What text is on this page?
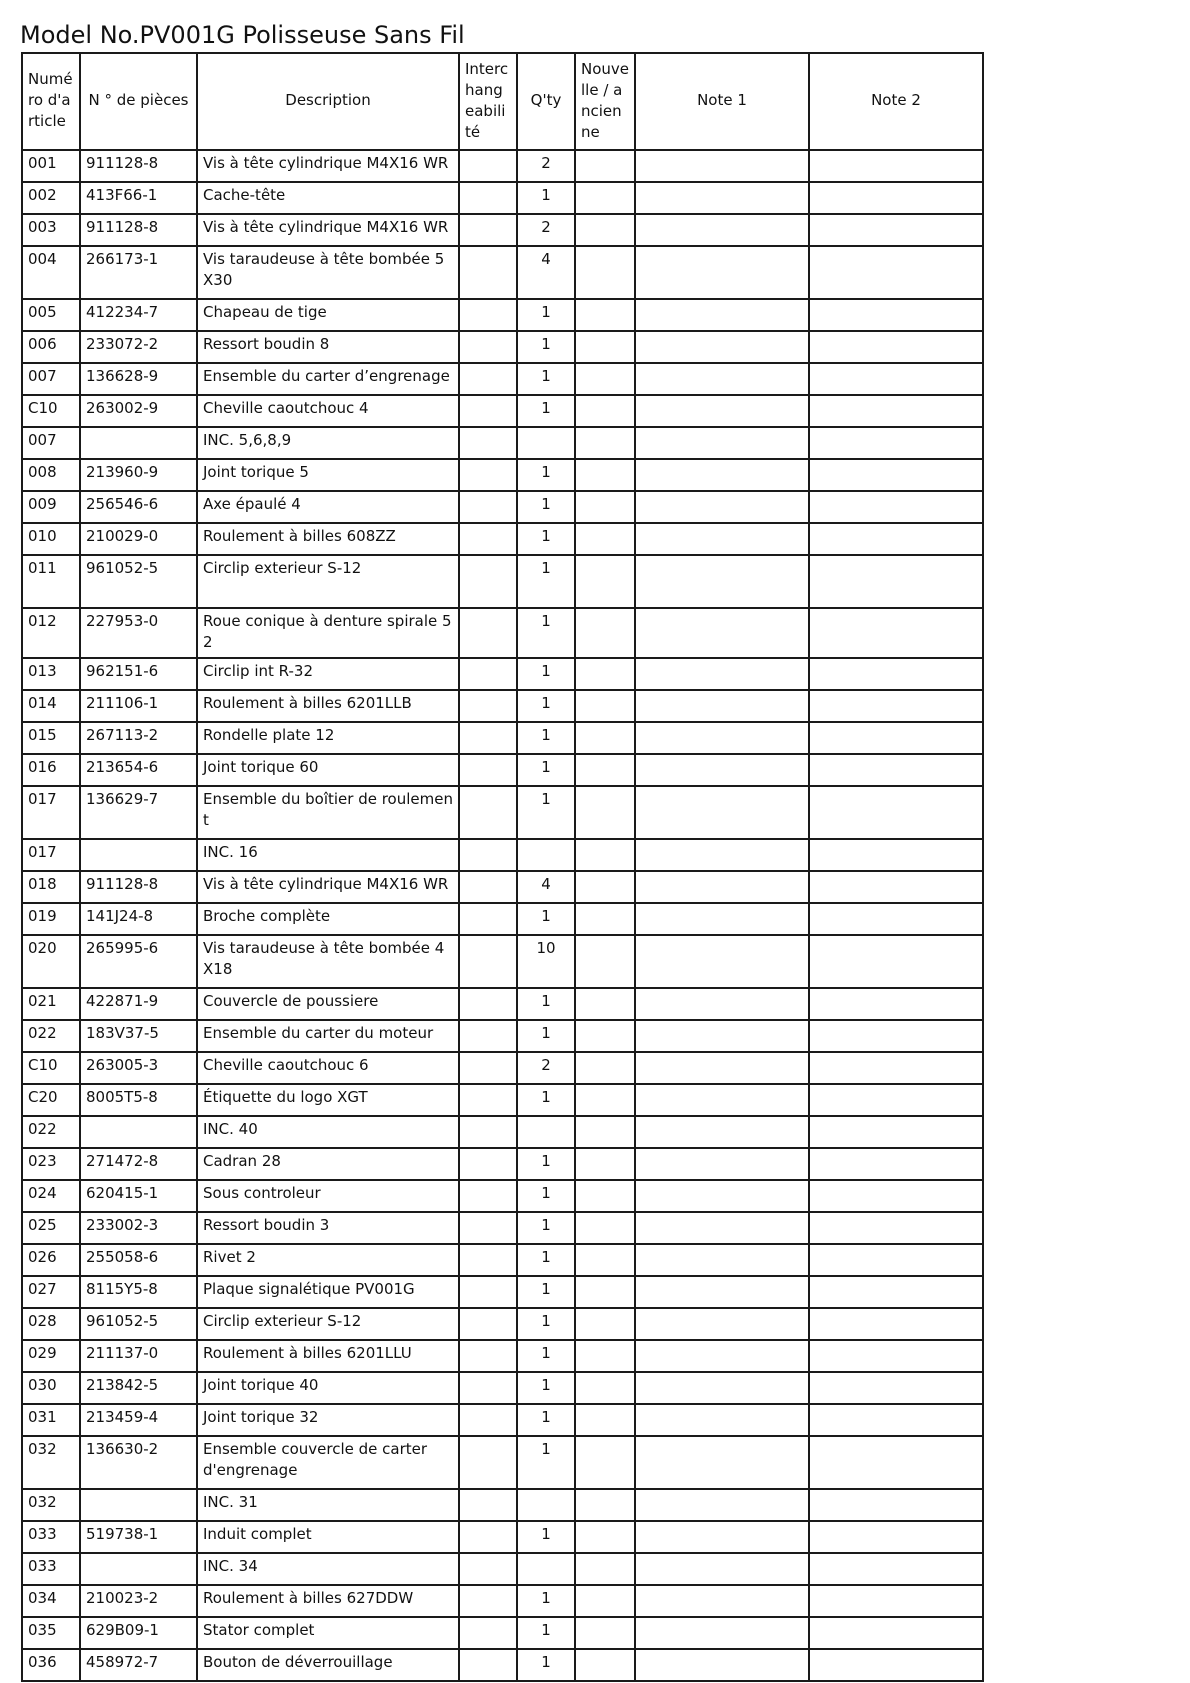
Model No.PV001G Polisseuse Sans Fil
Numéro d'article	N ° de pièces	Description	Interchangeabilité	Q'ty	Nouvelle / ancienne	Note 1	Note 2
001	911128-8	Vis à tête cylindrique M4X16 WR		2			
002	413F66-1	Cache-tête		1			
003	911128-8	Vis à tête cylindrique M4X16 WR		2			
004	266173-1	Vis taraudeuse à tête bombée 5X30		4			
005	412234-7	Chapeau de tige		1			
006	233072-2	Ressort boudin 8		1			
007	136628-9	Ensemble du carter d’engrenage		1			
C10	263002-9	Cheville caoutchouc 4		1			
007		INC. 5,6,8,9					
008	213960-9	Joint torique 5		1			
009	256546-6	Axe épaulé 4		1			
010	210029-0	Roulement à billes 608ZZ		1			
011	961052-5	Circlip exterieur S-12		1			
012	227953-0	Roue conique à denture spirale 52		1			
013	962151-6	Circlip int R-32		1			
014	211106-1	Roulement à billes 6201LLB		1			
015	267113-2	Rondelle plate 12		1			
016	213654-6	Joint torique 60		1			
017	136629-7	Ensemble du boîtier de roulement		1			
017		INC. 16					
018	911128-8	Vis à tête cylindrique M4X16 WR		4			
019	141J24-8	Broche complète		1			
020	265995-6	Vis taraudeuse à tête bombée 4X18		10			
021	422871-9	Couvercle de poussiere		1			
022	183V37-5	Ensemble du carter du moteur		1			
C10	263005-3	Cheville caoutchouc 6		2			
C20	8005T5-8	Étiquette du logo XGT		1			
022		INC. 40					
023	271472-8	Cadran 28		1			
024	620415-1	Sous controleur		1			
025	233002-3	Ressort boudin 3		1			
026	255058-6	Rivet 2		1			
027	8115Y5-8	Plaque signalétique PV001G		1			
028	961052-5	Circlip exterieur S-12		1			
029	211137-0	Roulement à billes 6201LLU		1			
030	213842-5	Joint torique 40		1			
031	213459-4	Joint torique 32		1			
032	136630-2	Ensemble couvercle de carter d'engrenage		1			
032		INC. 31					
033	519738-1	Induit complet		1			
033		INC. 34					
034	210023-2	Roulement à billes 627DDW		1			
035	629B09-1	Stator complet		1			
036	458972-7	Bouton de déverrouillage		1			
